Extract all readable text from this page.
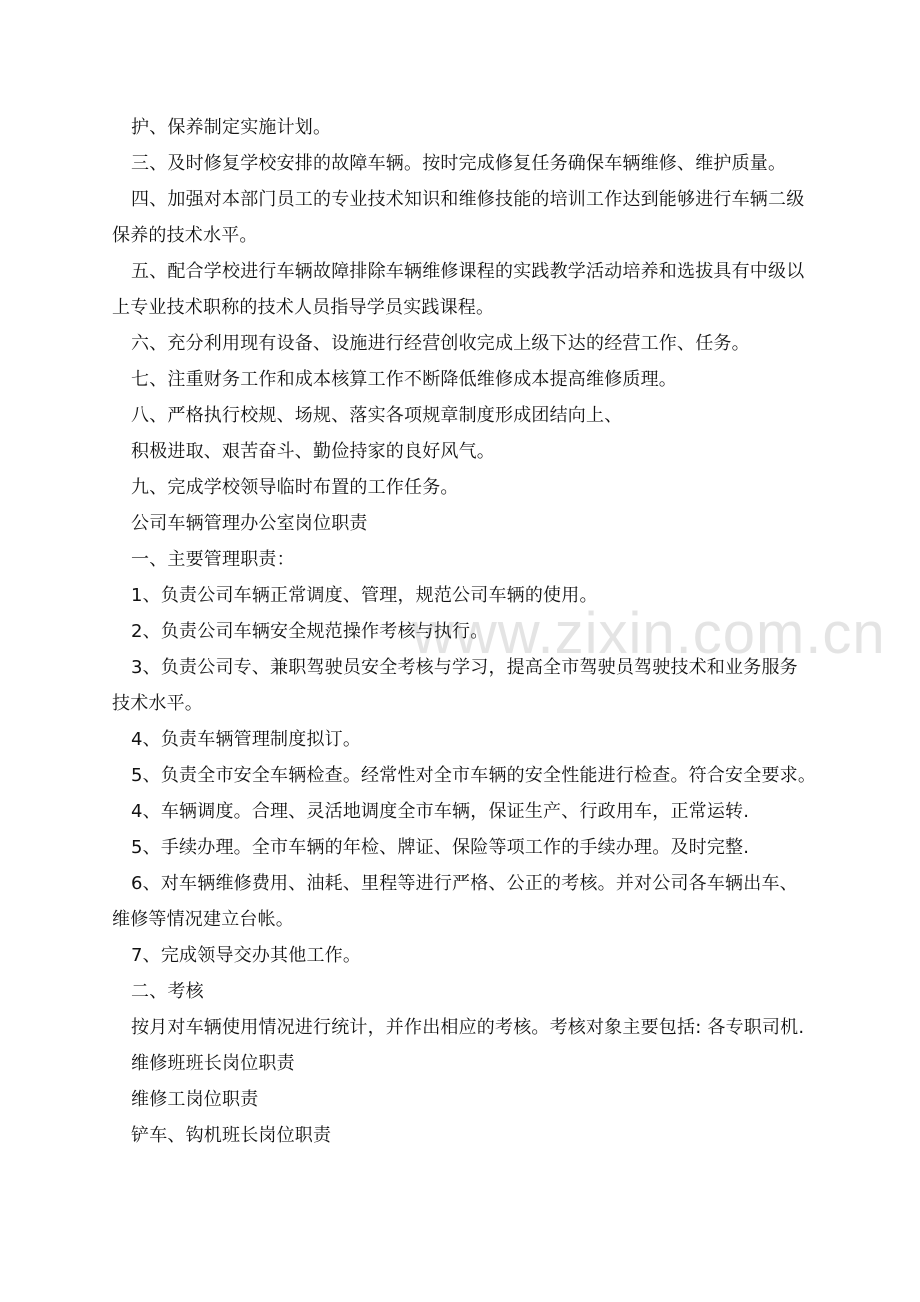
www.zixin.com.cn
护、保养制定实施计划。
三、及时修复学校安排的故障车辆。按时完成修复任务确保车辆维修、维护质量。
四、加强对本部门员工的专业技术知识和维修技能的培训工作达到能够进行车辆二级
保养的技术水平。
五、配合学校进行车辆故障排除车辆维修课程的实践教学活动培养和选拔具有中级以
上专业技术职称的技术人员指导学员实践课程。
六、充分利用现有设备、设施进行经营创收完成上级下达的经营工作、任务。
七、注重财务工作和成本核算工作不断降低维修成本提高维修质理。
八、严格执行校规、场规、落实各项规章制度形成团结向上、
积极进取、艰苦奋斗、勤俭持家的良好风气。
九、完成学校领导临时布置的工作任务。
公司车辆管理办公室岗位职责
一、主要管理职责：
1、负责公司车辆正常调度、管理，规范公司车辆的使用。
2、负责公司车辆安全规范操作考核与执行。
3、负责公司专、兼职驾驶员安全考核与学习，提高全市驾驶员驾驶技术和业务服务
技术水平。
4、负责车辆管理制度拟订。
5、负责全市安全车辆检查。经常性对全市车辆的安全性能进行检查。符合安全要求。
4、车辆调度。合理、灵活地调度全市车辆，保证生产、行政用车，正常运转.
5、手续办理。全市车辆的年检、牌证、保险等项工作的手续办理。及时完整.
6、对车辆维修费用、油耗、里程等进行严格、公正的考核。并对公司各车辆出车、
维修等情况建立台帐。
7、完成领导交办其他工作。
二、考核
按月对车辆使用情况进行统计，并作出相应的考核。考核对象主要包括: 各专职司机.
维修班班长岗位职责
维修工岗位职责
铲车、钩机班长岗位职责
